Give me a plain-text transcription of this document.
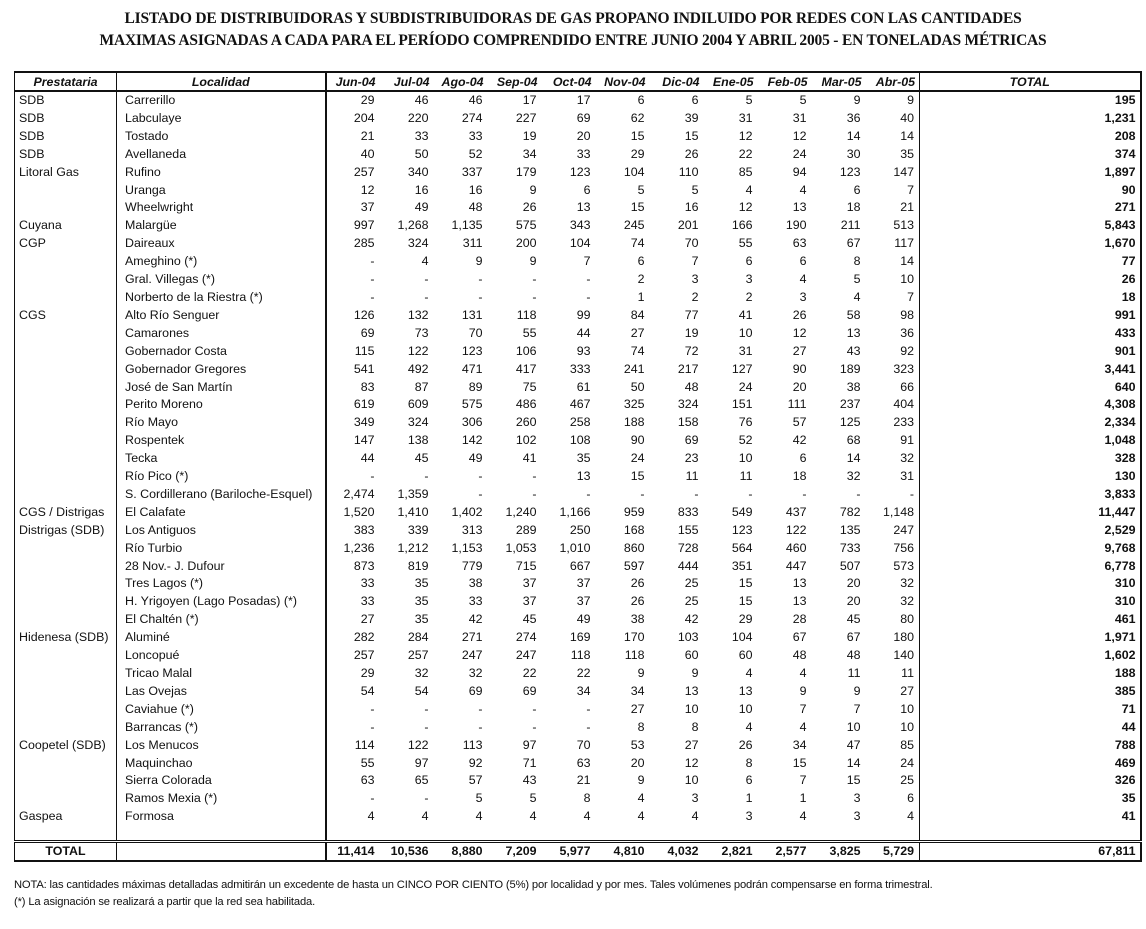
LISTADO DE DISTRIBUIDORAS Y SUBDISTRIBUIDORAS DE GAS PROPANO INDILUIDO POR REDES CON LAS CANTIDADES
MAXIMAS ASIGNADAS A CADA PARA EL PERÍODO COMPRENDIDO ENTRE JUNIO 2004 Y ABRIL 2005 - EN TONELADAS MÉTRICAS
Prestataria	Localidad	Jun-04	Jul-04	Ago-04	Sep-04	Oct-04	Nov-04	Dic-04	Ene-05	Feb-05	Mar-05	Abr-05	TOTAL
SDB	Carrerillo	29	46	46	17	17	6	6	5	5	9	9	195
SDB	Labculaye	204	220	274	227	69	62	39	31	31	36	40	1,231
SDB	Tostado	21	33	33	19	20	15	15	12	12	14	14	208
SDB	Avellaneda	40	50	52	34	33	29	26	22	24	30	35	374
Litoral Gas	Rufino	257	340	337	179	123	104	110	85	94	123	147	1,897
	Uranga	12	16	16	9	6	5	5	4	4	6	7	90
	Wheelwright	37	49	48	26	13	15	16	12	13	18	21	271
Cuyana	Malargüe	997	1,268	1,135	575	343	245	201	166	190	211	513	5,843
CGP	Daireaux	285	324	311	200	104	74	70	55	63	67	117	1,670
	Ameghino (*)	-	4	9	9	7	6	7	6	6	8	14	77
	Gral. Villegas (*)	-	-	-	-	-	2	3	3	4	5	10	26
	Norberto de la Riestra (*)	-	-	-	-	-	1	2	2	3	4	7	18
CGS	Alto Río Senguer	126	132	131	118	99	84	77	41	26	58	98	991
	Camarones	69	73	70	55	44	27	19	10	12	13	36	433
	Gobernador Costa	115	122	123	106	93	74	72	31	27	43	92	901
	Gobernador Gregores	541	492	471	417	333	241	217	127	90	189	323	3,441
	José de San Martín	83	87	89	75	61	50	48	24	20	38	66	640
	Perito Moreno	619	609	575	486	467	325	324	151	111	237	404	4,308
	Río Mayo	349	324	306	260	258	188	158	76	57	125	233	2,334
	Rospentek	147	138	142	102	108	90	69	52	42	68	91	1,048
	Tecka	44	45	49	41	35	24	23	10	6	14	32	328
	Río Pico (*)	-	-	-	-	13	15	11	11	18	32	31	130
	S. Cordillerano (Bariloche-Esquel)	2,474	1,359	-	-	-	-	-	-	-	-	-	3,833
CGS / Distrigas	El Calafate	1,520	1,410	1,402	1,240	1,166	959	833	549	437	782	1,148	11,447
Distrigas (SDB)	Los Antiguos	383	339	313	289	250	168	155	123	122	135	247	2,529
	Río Turbio	1,236	1,212	1,153	1,053	1,010	860	728	564	460	733	756	9,768
	28 Nov.- J. Dufour	873	819	779	715	667	597	444	351	447	507	573	6,778
	Tres Lagos (*)	33	35	38	37	37	26	25	15	13	20	32	310
	H. Yrigoyen (Lago Posadas) (*)	33	35	33	37	37	26	25	15	13	20	32	310
	El Chaltén (*)	27	35	42	45	49	38	42	29	28	45	80	461
Hidenesa (SDB)	Aluminé	282	284	271	274	169	170	103	104	67	67	180	1,971
	Loncopué	257	257	247	247	118	118	60	60	48	48	140	1,602
	Tricao Malal	29	32	32	22	22	9	9	4	4	11	11	188
	Las Ovejas	54	54	69	69	34	34	13	13	9	9	27	385
	Caviahue (*)	-	-	-	-	-	27	10	10	7	7	10	71
	Barrancas (*)	-	-	-	-	-	8	8	4	4	10	10	44
Coopetel (SDB)	Los Menucos	114	122	113	97	70	53	27	26	34	47	85	788
	Maquinchao	55	97	92	71	63	20	12	8	15	14	24	469
	Sierra Colorada	63	65	57	43	21	9	10	6	7	15	25	326
	Ramos Mexia (*)	-	-	5	5	8	4	3	1	1	3	6	35
Gaspea	Formosa	4	4	4	4	4	4	4	3	4	3	4	41

TOTAL		11,414	10,536	8,880	7,209	5,977	4,810	4,032	2,821	2,577	3,825	5,729	67,811
NOTA: las cantidades máximas detalladas admitirán un excedente de hasta un CINCO POR CIENTO (5%) por localidad y por mes. Tales volúmenes podrán compensarse en forma trimestral.
(*) La asignación se realizará a partir que la red sea habilitada.
